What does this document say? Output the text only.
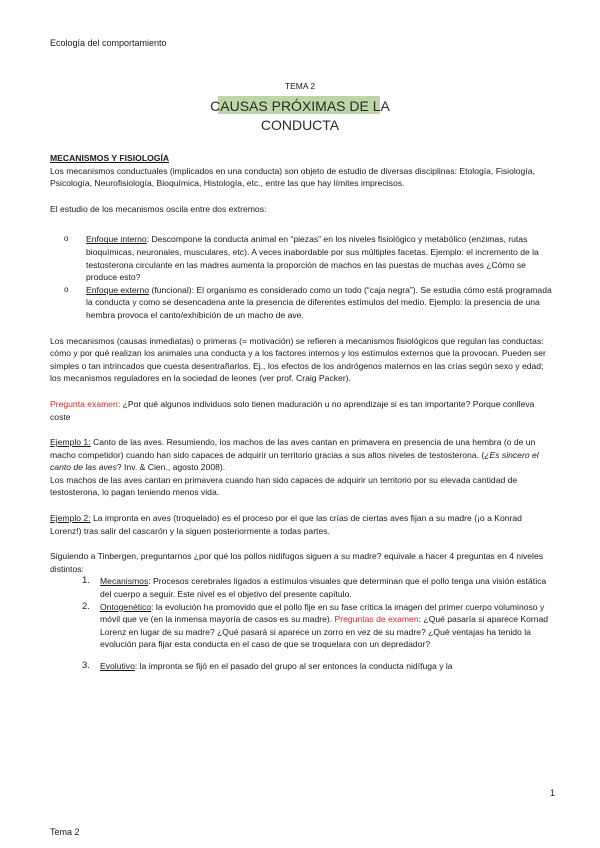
Ecología del comportamiento
TEMA 2
CAUSAS PRÓXIMAS DE LA
CONDUCTA

MECANISMOS Y FISIOLOGÍA

Los mecanismos conductuales (implicados en una conducta) son objeto de estudio de diversas disciplinas: Etología, Fisiología, Psicología, Neurofisiología, Bioquímica, Histología, etc., entre las que hay límites imprecisos.

El estudio de los mecanismos oscila entre dos extremos:

o	Enfoque interno: Descompone la conducta animal en “piezas” en los niveles fisiológico y metabólico (enzimas, rutas bioquímicas, neuronales, musculares, etc). A veces inabordable por sus múltiples facetas. Ejemplo: el incremento de la testosterona circulante en las madres aumenta la proporción de machos en las puestas de muchas aves ¿Cómo se produce esto?
o	Enfoque externo (funcional): El organismo es considerado como un todo (“caja negra”). Se estudia cómo está programada la conducta y como se desencadena ante la presencia de diferentes estímulos del medio. Ejemplo: la presencia de una hembra provoca el canto/exhibición de un macho de ave.

Los mecanismos (causas inmediatas) o primeras (= motivación) se refieren a mecanismos fisiológicos que regulan las conductas: cómo y por qué realizan los animales una conducta y a los factores internos y los estímulos externos que la provocan. Pueden ser simples o tan intrincados que cuesta desentrañarlos. Ej., los efectos de los andrógenos maternos en las crías según sexo y edad; los mecanismos reguladores en la sociedad de leones (ver prof. Craig Packer).

Pregunta examen: ¿Por qué algunos individuos solo tienen maduración u no aprendizaje si es tan importante? Porque conlleva coste

Ejemplo 1: Canto de las aves. Resumiendo, los machos de las aves cantan en primavera en presencia de una hembra (o de un macho competidor) cuando han sido capaces de adquirir un territorio gracias a sus altos niveles de testosterona. (¿Es sincero el canto de las aves? Inv. & Cien., agosto 2008).

Los machos de las aves cantan en primavera cuando han sido capaces de adquirir un territorio por su elevada cantidad de testosterona, lo pagan teniendo menos vida.

Ejemplo 2: La impronta en aves (troquelado) es el proceso por el que las crías de ciertas aves fijan a su madre (¡o a Konrad Lorenz!) tras salir del cascarón y la siguen posteriormente a todas partes.

Siguiendo a Tinbergen, preguntarnos ¿por qué los pollos nidífugos siguen a su madre? equivale a hacer 4 preguntas en 4 niveles distintos:

1.	Mecanismos: Procesos cerebrales ligados a estímulos visuales que determinan que el pollo tenga una visión estática del cuerpo a seguir. Este nivel es el objetivo del presente capítulo.
2.	Ontogenético: la evolución ha promovido que el pollo fije en su fase crítica la imagen del primer cuerpo voluminoso y móvil que ve (en la inmensa mayoría de casos es su madre). Preguntas de examen: ¿Qué pasaría si aparece Kornad Lorenz en lugar de su madre? ¿Qué pasará si aparece un zorro en vez de su madre? ¿Qué ventajas ha tenido la evolución para fijar esta conducta en el caso de que se troquelara con un depredador?
3.	Evolutivo: la impronta se fijó en el pasado del grupo al ser entonces la conducta nidífuga y la
1
Tema 2
